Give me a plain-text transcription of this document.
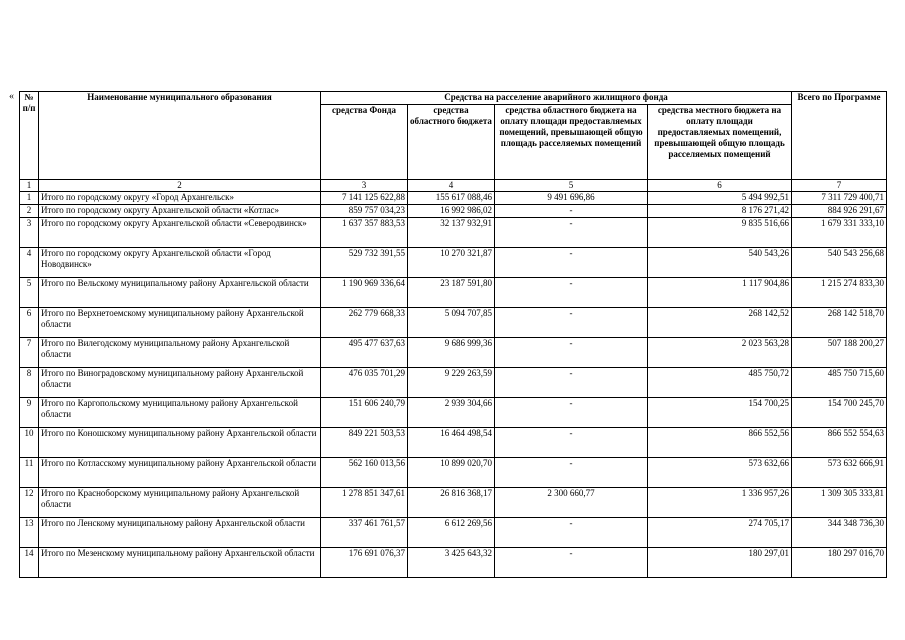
« № п/п	Наименование муниципального образования	Средства на расселение аварийного жилищного фонда				Всего по Программе
		средства Фонда	средства областного бюджета	средства областного бюджета на оплату площади предоставляемых помещений, превышающей общую площадь расселяемых помещений	средства местного бюджета на оплату площади предоставляемых помещений, превышающей общую площадь расселяемых помещений	
1	2	3	4	5	6	7
1	Итого по городскому округу «Город Архангельск»	7 141 125 622,88	155 617 088,46	9 491 696,86	5 494 992,51	7 311 729 400,71
2	Итого по городскому округу Архангельской области «Котлас»	859 757 034,23	16 992 986,02	-	8 176 271,42	884 926 291,67
3	Итого по городскому округу Архангельской области «Северодвинск»	1 637 357 883,53	32 137 932,91	-	9 835 516,66	1 679 331 333,10
4	Итого по городскому округу Архангельской области «Город Новодвинск»	529 732 391,55	10 270 321,87	-	540 543,26	540 543 256,68
5	Итого по Вельскому муниципальному району Архангельской области	1 190 969 336,64	23 187 591,80	-	1 117 904,86	1 215 274 833,30
6	Итого по Верхнетоемскому муниципальному району Архангельской области	262 779 668,33	5 094 707,85	-	268 142,52	268 142 518,70
7	Итого по Вилегодскому муниципальному району Архангельской области	495 477 637,63	9 686 999,36	-	2 023 563,28	507 188 200,27
8	Итого по Виноградовскому муниципальному району Архангельской области	476 035 701,29	9 229 263,59	-	485 750,72	485 750 715,60
9	Итого по Каргопольскому муниципальному району Архангельской области	151 606 240,79	2 939 304,66	-	154 700,25	154 700 245,70
10	Итого по Коношскому муниципальному району Архангельской области	849 221 503,53	16 464 498,54	-	866 552,56	866 552 554,63
11	Итого по Котласскому муниципальному району Архангельской области	562 160 013,56	10 899 020,70	-	573 632,66	573 632 666,91
12	Итого по Красноборскому муниципальному району Архангельской области	1 278 851 347,61	26 816 368,17	2 300 660,77	1 336 957,26	1 309 305 333,81
13	Итого по Ленскому муниципальному району Архангельской области	337 461 761,57	6 612 269,56	-	274 705,17	344 348 736,30
14	Итого по Мезенскому муниципальному району Архангельской области	176 691 076,37	3 425 643,32	-	180 297,01	180 297 016,70
